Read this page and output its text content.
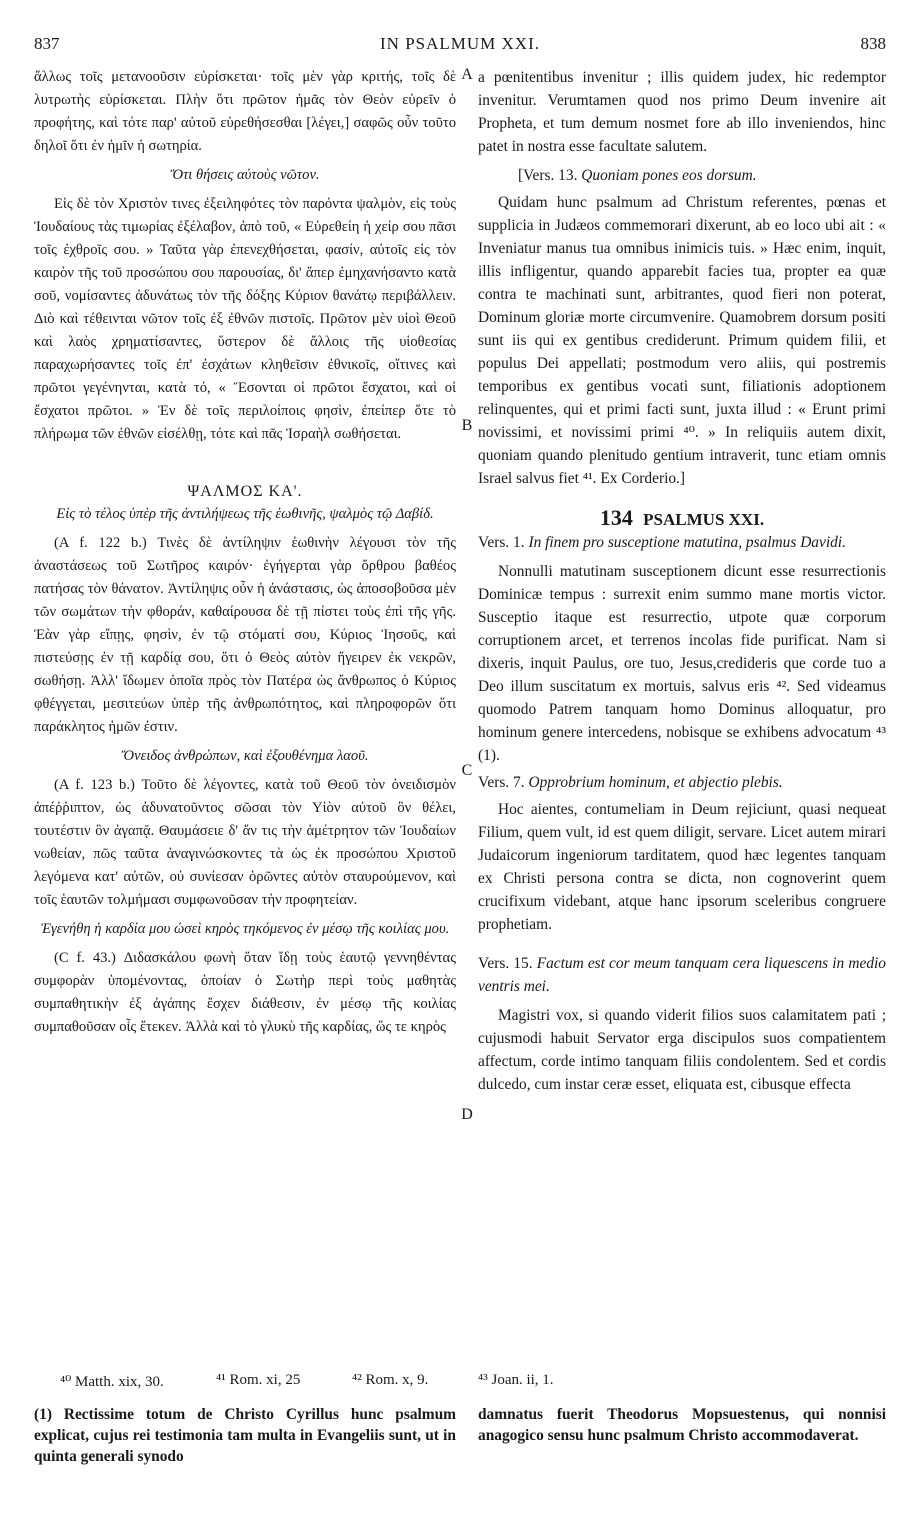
IN PSALMUM XXI.
837	838

ἄλλως τοῖς μετανοοῦσιν εὑρίσκεται· τοῖς μὲν γὰρ κριτής, τοῖς δὲ λυτρωτὴς εὑρίσκεται. Πλὴν ὅτι πρῶτον ἡμᾶς τὸν Θεὸν εὑρεῖν ὁ προφήτης, καὶ τότε παρ' αὐτοῦ εὑρεθήσεσθαι [λέγει,] σαφῶς οὖν τοῦτο δηλοῖ ὅτι ἐν ἡμῖν ἡ σωτηρία.

Ὅτι θήσεις αὐτοὺς νῶτον.

Εἰς δὲ τὸν Χριστὸν τινες ἐξειληφότες τὸν παρόντα ψαλμὸν, εἰς τοὺς Ἰουδαίους τὰς τιμωρίας ἐξέλαβον, ἀπὸ τοῦ, « Εὑρεθείη ἡ χείρ σου πᾶσι τοῖς ἐχθροῖς σου. » Ταῦτα γὰρ ἐπενεχθήσεται, φασίν, αὐτοῖς εἰς τὸν καιρὸν τῆς τοῦ προσώπου σου παρουσίας, δι' ἅπερ ἐμηχανήσαντο κατὰ σοῦ, νομίσαντες ἀδυνάτως τὸν τῆς δόξης Κύριον θανάτῳ περιβάλλειν. Διὸ καὶ τέθεινται νῶτον τοῖς ἐξ ἐθνῶν πιστοῖς. Πρῶτον μὲν υἱοὶ Θεοῦ καὶ λαὸς χρηματίσαντες, ὕστερον δὲ ἄλλοις τῆς υἱοθεσίας παραχωρήσαντες τοῖς ἐπ' ἐσχάτων κληθεῖσιν ἐθνικοῖς, οἵτινες καὶ πρῶτοι γεγένηνται, κατὰ τό, « Ἔσονται οἱ πρῶτοι ἔσχατοι, καὶ οἱ ἔσχατοι πρῶτοι. » Ἐν δὲ τοῖς περιλοίποις φησὶν, ἐπείπερ ὅτε τὸ πλήρωμα τῶν ἐθνῶν εἰσέλθῃ, τότε καὶ πᾶς Ἰσραὴλ σωθήσεται.

ΨΑΛΜΟΣ ΚΑ'.

Εἰς τὸ τέλος ὑπὲρ τῆς ἀντιλήψεως τῆς ἑωθινῆς, ψαλμὸς τῷ Δαβίδ.

(A f. 122 b.) Τινὲς δὲ ἀντίληψιν ἑωθινὴν λέγουσι τὸν τῆς ἀναστάσεως τοῦ Σωτῆρος καιρόν· ἐγήγερται γὰρ ὄρθρου βαθέος πατήσας τὸν θάνατον. Ἀντίληψις οὖν ἡ ἀνάστασις, ὡς ἀποσοβοῦσα μὲν τῶν σωμάτων τὴν φθοράν, καθαίρουσα δὲ τῇ πίστει τοὺς ἐπὶ τῆς γῆς. Ἐὰν γὰρ εἴπῃς, φησὶν, ἐν τῷ στόματί σου, Κύριος Ἰησοῦς, καὶ πιστεύσῃς ἐν τῇ καρδίᾳ σου, ὅτι ὁ Θεὸς αὐτὸν ἤγειρεν ἐκ νεκρῶν, σωθήσῃ. Ἀλλ' ἴδωμεν ὁποῖα πρὸς τὸν Πατέρα ὡς ἄνθρωπος ὁ Κύριος φθέγγεται, μεσιτεύων ὑπὲρ τῆς ἀνθρωπότητος, καὶ πληροφορῶν ὅτι παράκλητος ἡμῶν ἐστιν.

Ὄνειδος ἀνθρώπων, καὶ ἐξουθένημα λαοῦ.

(A f. 123 b.) Τοῦτο δὲ λέγοντες, κατὰ τοῦ Θεοῦ τὸν ὀνειδισμὸν ἀπέῤῥιπτον, ὡς ἀδυνατοῦντος σῶσαι τὸν Υἱὸν αὐτοῦ ὃν θέλει, τουτέστιν ὃν ἀγαπᾷ. Θαυμάσειε δ' ἄν τις τὴν ἀμέτρητον τῶν Ἰουδαίων νωθείαν, πῶς ταῦτα ἀναγινώσκοντες τὰ ὡς ἐκ προσώπου Χριστοῦ λεγόμενα κατ' αὐτῶν, οὐ συνίεσαν ὁρῶντες αὐτὸν σταυρούμενον, καὶ τοῖς ἑαυτῶν τολμήμασι συμφωνοῦσαν τὴν προφητείαν.

Ἐγενήθη ἡ καρδία μου ὡσεὶ κηρὸς τηκόμενος ἐν μέσῳ τῆς κοιλίας μου.

(C f. 43.) Διδασκάλου φωνὴ ὅταν ἴδῃ τοὺς ἑαυτῷ γεννηθέντας συμφορὰν ὑπομένοντας, ὁποίαν ὁ Σωτὴρ περὶ τοὺς μαθητὰς συμπαθητικὴν ἐξ ἀγάπης ἔσχεν διάθεσιν, ἐν μέσῳ τῆς κοιλίας συμπαθοῦσαν οἷς ἔτεκεν. Ἀλλὰ καὶ τὸ γλυκὺ τῆς καρδίας, ὥς τε κηρὸς

A
B
C
D

a pœnitentibus invenitur ; illis quidem judex, hic redemptor invenitur. Verumtamen quod nos primo Deum invenire ait Propheta, et tum demum nosmet fore ab illo inveniendos, hinc patet in nostra esse facultate salutem.

[Vers. 13. Quoniam pones eos dorsum.

Quidam hunc psalmum ad Christum referentes, pœnas et supplicia in Judæos commemorari dixerunt, ab eo loco ubi ait : « Inveniatur manus tua omnibus inimicis tuis. » Hæc enim, inquit, illis infligentur, quando apparebit facies tua, propter ea quæ contra te machinati sunt, arbitrantes, quod fieri non poterat, Dominum gloriæ morte circumvenire. Quamobrem dorsum positi sunt iis qui ex gentibus crediderunt. Primum quidem filii, et populus Dei appellati; postmodum vero aliis, qui postremis temporibus ex gentibus vocati sunt, filiationis adoptionem relinquentes, qui et primi facti sunt, juxta illud : « Erunt primi novissimi, et novissimi primi ⁴⁰. » In reliquiis autem dixit, quoniam quando plenitudo gentium intraverit, tunc etiam omnis Israel salvus fiet ⁴¹. Ex Corderio.]

134 PSALMUS XXI.

Vers. 1. In finem pro susceptione matutina, psalmus Davidi.

Nonnulli matutinam susceptionem dicunt esse resurrectionis Dominicæ tempus : surrexit enim summo mane mortis victor. Susceptio itaque est resurrectio, utpote quæ corporum corruptionem arcet, et terrenos incolas fide purificat. Nam si dixeris, inquit Paulus, ore tuo, Jesus,credideris que corde tuo a Deo illum suscitatum ex mortuis, salvus eris ⁴². Sed videamus quomodo Patrem tanquam homo Dominus alloquatur, pro hominum genere intercedens, nobisque se exhibens advocatum ⁴³ (1).

Vers. 7. Opprobrium hominum, et abjectio plebis.

Hoc aientes, contumeliam in Deum rejiciunt, quasi nequeat Filium, quem vult, id est quem diligit, servare. Licet autem mirari Judaicorum ingeniorum tarditatem, quod hæc legentes tanquam ex Christi persona contra se dicta, non cognoverint quem crucifixum videbant, atque hanc ipsorum sceleribus congruere prophetiam.

Vers. 15. Factum est cor meum tanquam cera liquescens in medio ventris mei.

Magistri vox, si quando viderit filios suos calamitatem pati ; cujusmodi habuit Servator erga discipulos suos compatientem affectum, corde intimo tanquam filiis condolentem. Sed et cordis dulcedo, cum instar ceræ esset, eliquata est, cibusque effecta

⁴⁰ Matth. xix, 30.	⁴¹ Rom. xi, 25	⁴² Rom. x, 9.	⁴³ Joan. ii, 1.

(1) Rectissime totum de Christo Cyrillus hunc psalmum explicat, cujus rei testimonia tam multa in Evangeliis sunt, ut in quinta generali synodo

damnatus fuerit Theodorus Mopsuestenus, qui nonnisi anagogico sensu hunc psalmum Christo accommodaverat.
